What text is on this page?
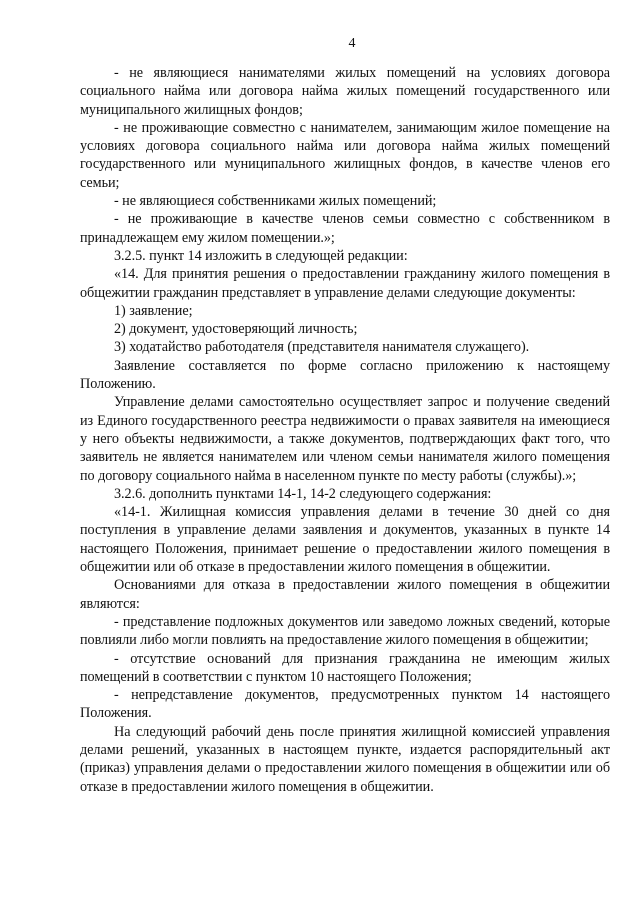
4

- не являющиеся нанимателями жилых помещений на условиях договора социального найма или договора найма жилых помещений государственного или муниципального жилищных фондов;

- не проживающие совместно с нанимателем, занимающим жилое помещение на условиях договора социального найма или договора найма жилых помещений государственного или муниципального жилищных фондов, в качестве членов его семьи;

- не являющиеся собственниками жилых помещений;

- не проживающие в качестве членов семьи совместно с собственником в принадлежащем ему жилом помещении.»;

3.2.5. пункт 14 изложить в следующей редакции:

«14. Для принятия решения о предоставлении гражданину жилого помещения в общежитии гражданин представляет в управление делами следующие документы:

1) заявление;

2) документ, удостоверяющий личность;

3) ходатайство работодателя (представителя нанимателя служащего).

Заявление составляется по форме согласно приложению к настоящему Положению.

Управление делами самостоятельно осуществляет запрос и получение сведений из Единого государственного реестра недвижимости о правах заявителя на имеющиеся у него объекты недвижимости, а также документов, подтверждающих факт того, что заявитель не является нанимателем или членом семьи нанимателя жилого помещения по договору социального найма в населенном пункте по месту работы (службы).»;

3.2.6. дополнить пунктами 14-1, 14-2 следующего содержания:

«14-1. Жилищная комиссия управления делами в течение 30 дней со дня поступления в управление делами заявления и документов, указанных в пункте 14 настоящего Положения, принимает решение о предоставлении жилого помещения в общежитии или об отказе в предоставлении жилого помещения в общежитии.

Основаниями для отказа в предоставлении жилого помещения в общежитии являются:

- представление подложных документов или заведомо ложных сведений, которые повлияли либо могли повлиять на предоставление жилого помещения в общежитии;

- отсутствие оснований для признания гражданина не имеющим жилых помещений в соответствии с пунктом 10 настоящего Положения;

- непредставление документов, предусмотренных пунктом 14 настоящего Положения.

На следующий рабочий день после принятия жилищной комиссией управления делами решений, указанных в настоящем пункте, издается распорядительный акт (приказ) управления делами о предоставлении жилого помещения в общежитии или об отказе в предоставлении жилого помещения в общежитии.
